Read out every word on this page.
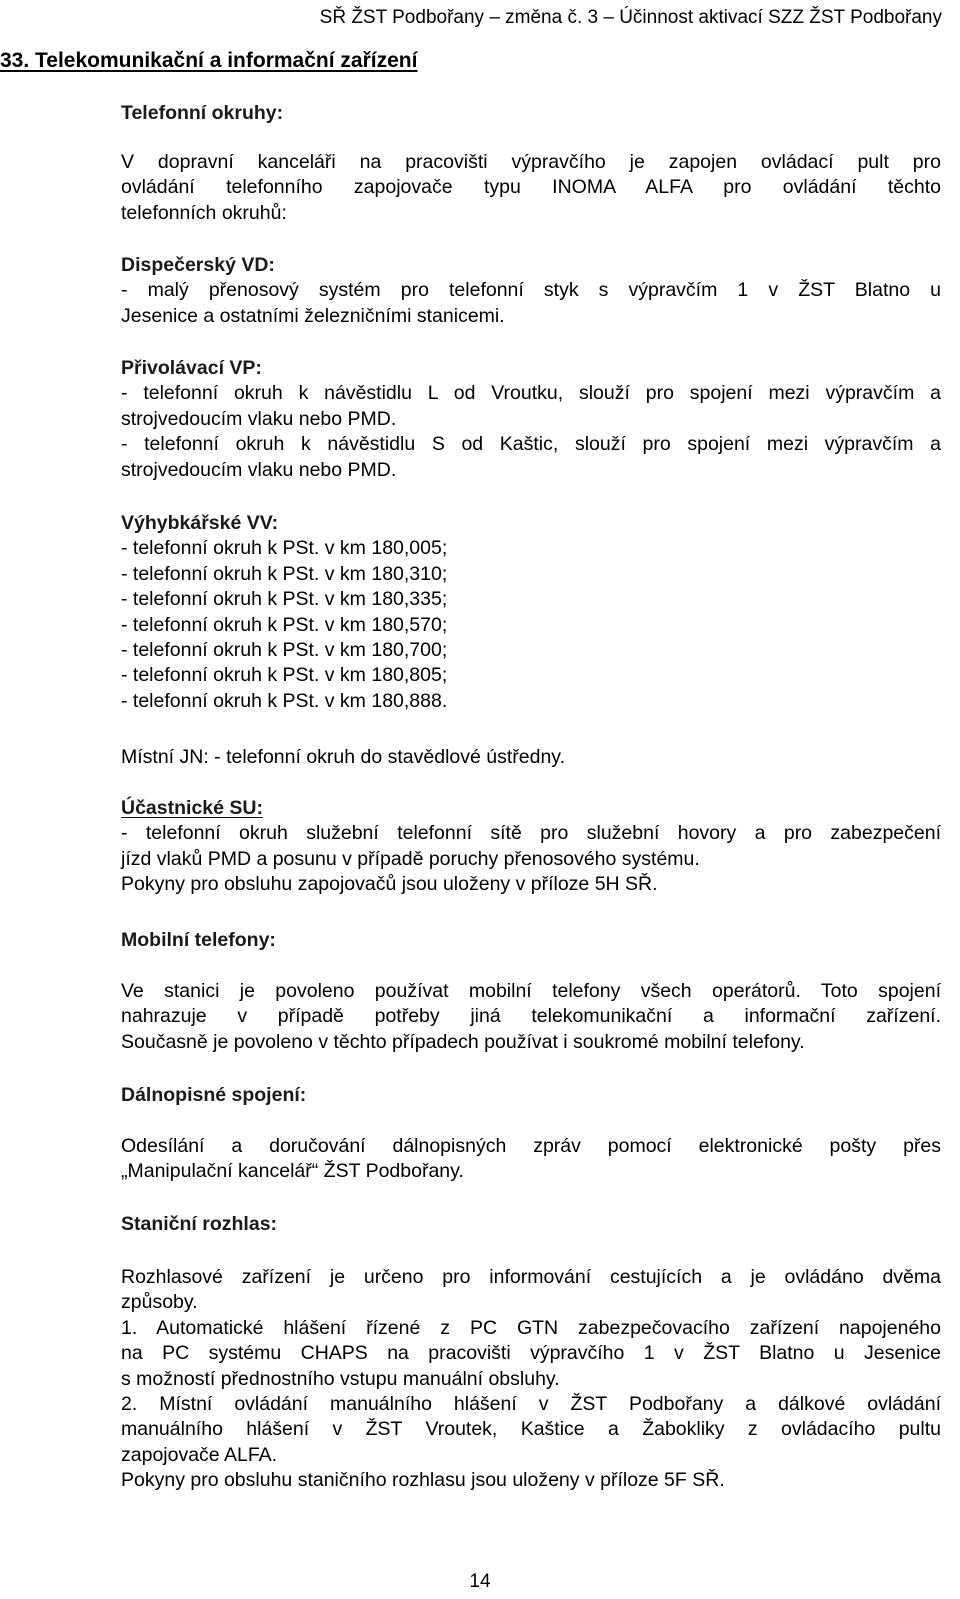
SŘ ŽST Podbořany – změna č. 3 – Účinnost aktivací SZZ ŽST Podbořany
33. Telekomunikační a informační zařízení
Telefonní okruhy:
V dopravní kanceláři na pracovišti výpravčího je zapojen ovládací pult pro
ovládání telefonního zapojovače typu INOMA ALFA pro ovládání těchto
telefonních okruhů:
Dispečerský VD:
- malý přenosový systém pro telefonní styk s výpravčím 1 v ŽST Blatno u
Jesenice a ostatními železničními stanicemi.
Přivolávací VP:
- telefonní okruh k návěstidlu L od Vroutku, slouží pro spojení mezi výpravčím a
strojvedoucím vlaku nebo PMD.
- telefonní okruh k návěstidlu S od Kaštic, slouží pro spojení mezi výpravčím a
strojvedoucím vlaku nebo PMD.
Výhybkářské VV:
- telefonní okruh k PSt. v km 180,005;
- telefonní okruh k PSt. v km 180,310;
- telefonní okruh k PSt. v km 180,335;
- telefonní okruh k PSt. v km 180,570;
- telefonní okruh k PSt. v km 180,700;
- telefonní okruh k PSt. v km 180,805;
- telefonní okruh k PSt. v km 180,888.
Místní JN: - telefonní okruh do stavědlové ústředny.
Účastnické SU:
- telefonní okruh služební telefonní sítě pro služební hovory a pro zabezpečení
jízd vlaků PMD a posunu v případě poruchy přenosového systému.
Pokyny pro obsluhu zapojovačů jsou uloženy v příloze 5H SŘ.
Mobilní telefony:
Ve stanici je povoleno používat mobilní telefony všech operátorů. Toto spojení
nahrazuje v případě potřeby jiná telekomunikační a informační zařízení.
Současně je povoleno v těchto případech používat i soukromé mobilní telefony.
Dálnopisné spojení:
Odesílání a doručování dálnopisných zpráv pomocí elektronické pošty přes
„Manipulační kancelář“ ŽST Podbořany.
Staniční rozhlas:
Rozhlasové zařízení je určeno pro informování cestujících a je ovládáno dvěma
způsoby.
1. Automatické hlášení řízené z PC GTN zabezpečovacího zařízení napojeného
na PC systému CHAPS na pracovišti výpravčího 1 v ŽST Blatno u Jesenice
s možností přednostního vstupu manuální obsluhy.
2. Místní ovládání manuálního hlášení v ŽST Podbořany a dálkové ovládání
manuálního hlášení v ŽST Vroutek, Kaštice a Žabokliky z ovládacího pultu
zapojovače ALFA.
Pokyny pro obsluhu staničního rozhlasu jsou uloženy v příloze 5F SŘ.
14
